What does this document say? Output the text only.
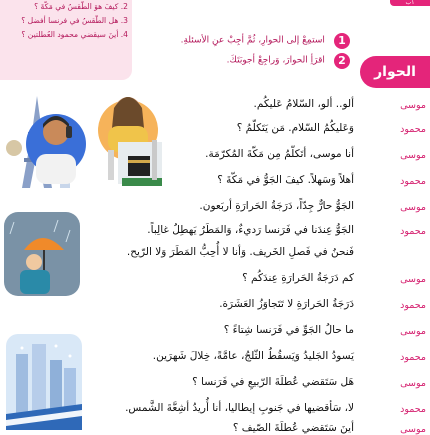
2. كيفَ هوَ الطّقسُ في مَكّةَ ؟
3. هل الطّقسُ في فرنسا أفضل ؟
4. أينَ سيقضي محمود العُطلتين ؟
١ب
1 استمِعْ إلى الحوارِ، ثُمَّ أجِبْ عنِ الأسئلةِ.
2 اقرَأِ الحوارَ، وَراجِعْ أجوبَتَكَ.
الحوار
موسى
ألو.. ألو، السّلامُ عَليكُم.
محمود
وَعَليكُمُ السّلام. مَن يَتَكلّمُ ؟
موسى
أنا موسى، أتَكلّمُ مِن مَكّةَ المُكرّمَة.
محمود
أهلاً وَسَهلاً. كيفَ الجَوُّ في مَكّةَ ؟
موسى
الجَوُّ حارٌّ جِدّاً، دَرَجَةُ الحَرارَةِ أربَعون.
محمود
الجَوُّ عِندَنا في فَرَنسا رَديءٌ، وَالمَطَرُ يَهطِلُ غالِباً.
فَنحنُ في فَصلِ الخَريف. وَأنا لا أُحِبُّ المَطَرَ وَلا الرّيح.
موسى
كم دَرَجَةُ الحَرارَةِ عِندَكُم ؟
محمود
دَرَجَةُ الحَرارَةِ لا تَتَجاوَزُ العَشَرَة.
موسى
ما حالُ الجَوِّ في فَرَنسا شِتاءً ؟
محمود
يَسودُ الجَليدُ وَيَسقُطُ الثّلجُ، عامَّةً، خِلالَ شَهرَين.
موسى
هَل سَتَقضي عُطلَةَ الرّبيعِ في فَرَنسا ؟
محمود
لا، سَأقضيها في جَنوبِ إيطاليا، أنا أُريدُ أشِعَّةَ الشَّمس.
موسى
أينَ سَتَقضي عُطلَةَ الصّيف ؟
